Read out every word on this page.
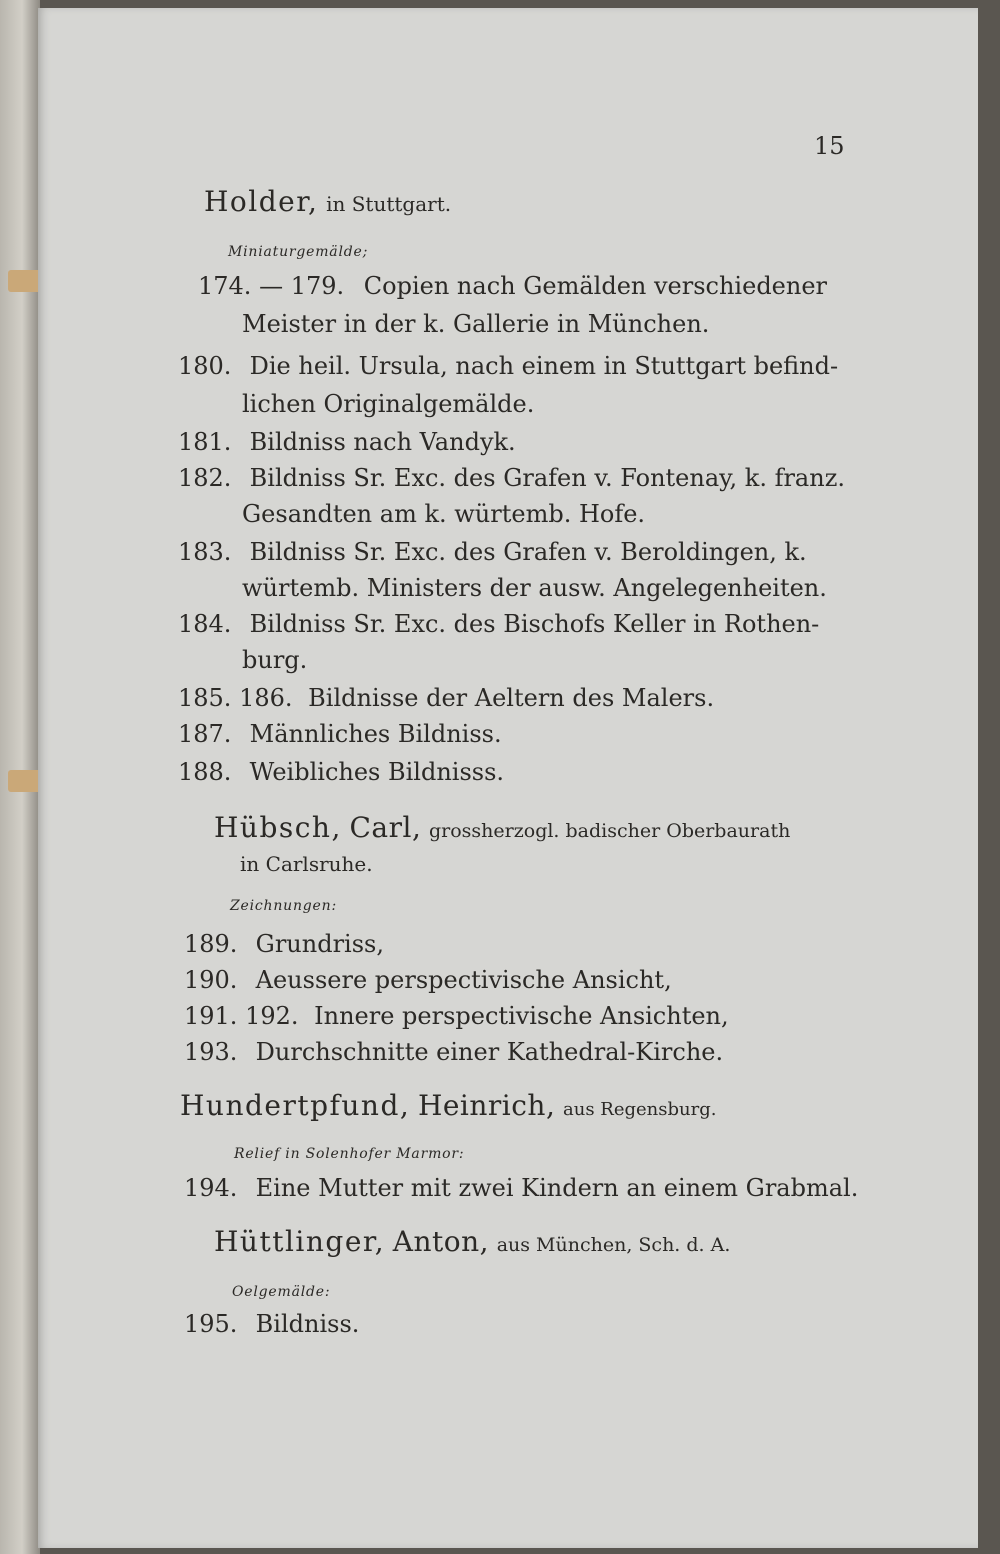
15
Holder, in Stuttgart.
Miniaturgemälde;
174. — 179. Copien nach Gemälden verschiedener
Meister in der k. Gallerie in München.
180. Die heil. Ursula, nach einem in Stuttgart befind-
lichen Originalgemälde.
181. Bildniss nach Vandyk.
182. Bildniss Sr. Exc. des Grafen v. Fontenay, k. franz.
Gesandten am k. würtemb. Hofe.
183. Bildniss Sr. Exc. des Grafen v. Beroldingen, k.
würtemb. Ministers der ausw. Angelegenheiten.
184. Bildniss Sr. Exc. des Bischofs Keller in Rothen-
burg.
185. 186. Bildnisse der Aeltern des Malers.
187. Männliches Bildniss.
188. Weibliches Bildnisss.
Hübsch, Carl, grossherzogl. badischer Oberbaurath
in Carlsruhe.
Zeichnungen:
189. Grundriss,
190. Aeussere perspectivische Ansicht,
191. 192. Innere perspectivische Ansichten,
193. Durchschnitte einer Kathedral-Kirche.
Hundertpfund, Heinrich, aus Regensburg.
Relief in Solenhofer Marmor:
194. Eine Mutter mit zwei Kindern an einem Grabmal.
Hüttlinger, Anton, aus München, Sch. d. A.
Oelgemälde:
195. Bildniss.
